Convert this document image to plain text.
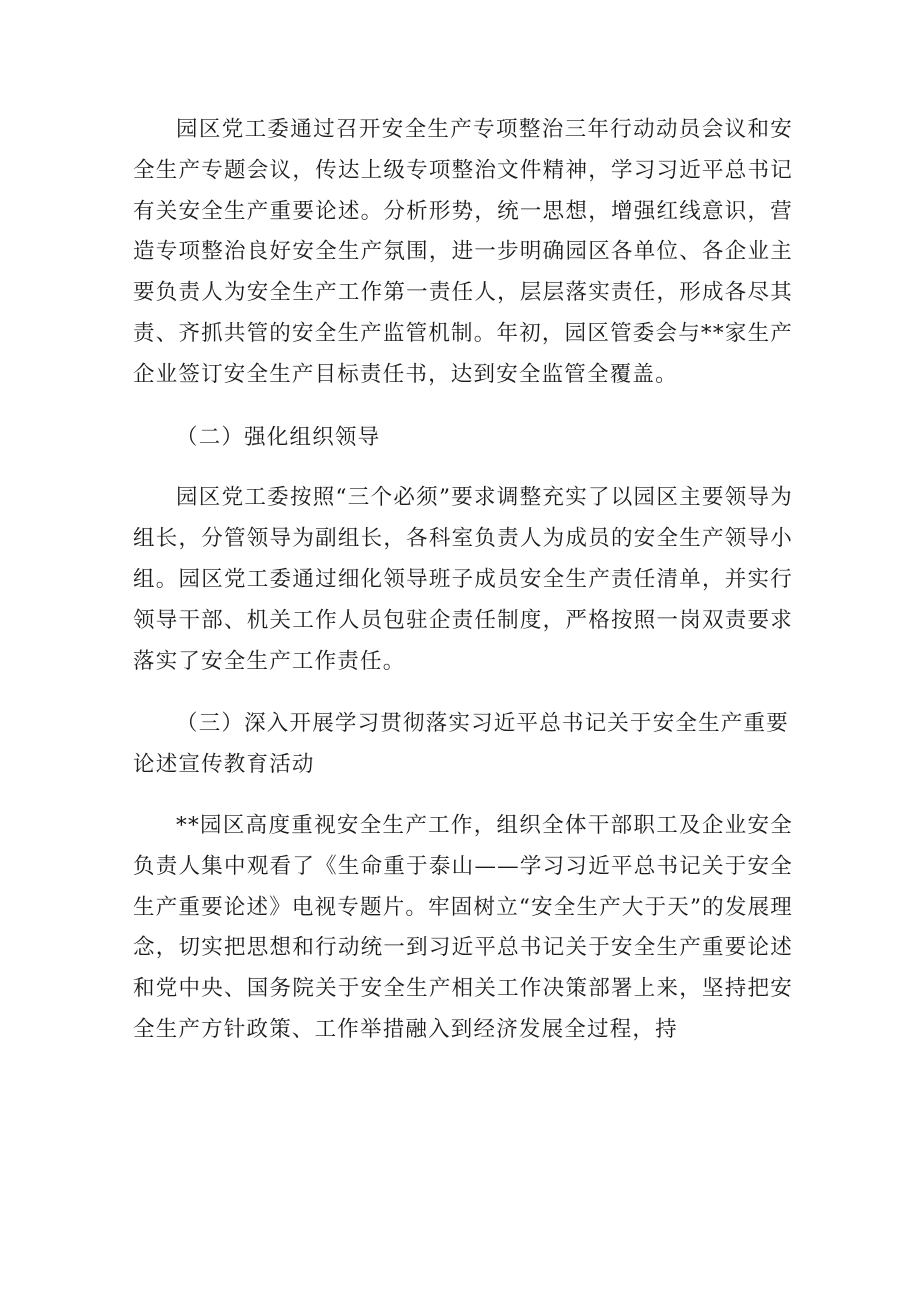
园区党工委通过召开安全生产专项整治三年行动动员会议和安全生产专题会议，传达上级专项整治文件精神，学习习近平总书记有关安全生产重要论述。分析形势，统一思想，增强红线意识，营造专项整治良好安全生产氛围，进一步明确园区各单位、各企业主要负责人为安全生产工作第一责任人，层层落实责任，形成各尽其责、齐抓共管的安全生产监管机制。年初，园区管委会与**家生产企业签订安全生产目标责任书，达到安全监管全覆盖。

（二）强化组织领导

园区党工委按照“三个必须”要求调整充实了以园区主要领导为组长，分管领导为副组长，各科室负责人为成员的安全生产领导小组。园区党工委通过细化领导班子成员安全生产责任清单，并实行领导干部、机关工作人员包驻企责任制度，严格按照一岗双责要求落实了安全生产工作责任。

（三）深入开展学习贯彻落实习近平总书记关于安全生产重要论述宣传教育活动

**园区高度重视安全生产工作，组织全体干部职工及企业安全负责人集中观看了《生命重于泰山——学习习近平总书记关于安全生产重要论述》电视专题片。牢固树立“安全生产大于天”的发展理念，切实把思想和行动统一到习近平总书记关于安全生产重要论述和党中央、国务院关于安全生产相关工作决策部署上来，坚持把安全生产方针政策、工作举措融入到经济发展全过程，持
